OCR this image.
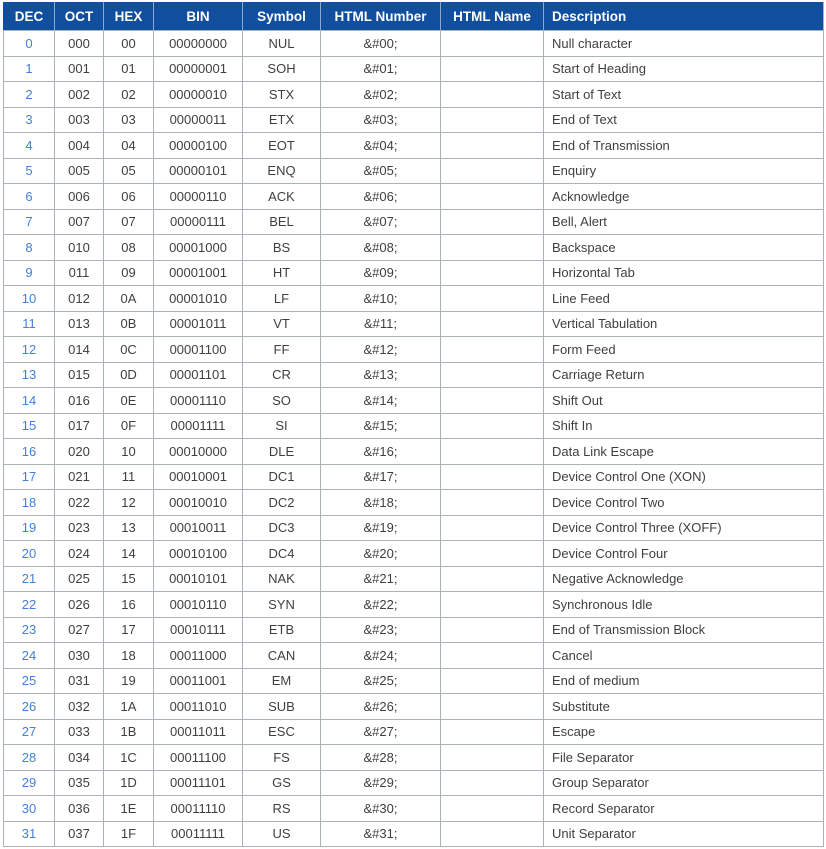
DEC	OCT	HEX	BIN	Symbol	HTML Number	HTML Name	Description
0	000	00	00000000	NUL	&#00;		Null character
1	001	01	00000001	SOH	&#01;		Start of Heading
2	002	02	00000010	STX	&#02;		Start of Text
3	003	03	00000011	ETX	&#03;		End of Text
4	004	04	00000100	EOT	&#04;		End of Transmission
5	005	05	00000101	ENQ	&#05;		Enquiry
6	006	06	00000110	ACK	&#06;		Acknowledge
7	007	07	00000111	BEL	&#07;		Bell, Alert
8	010	08	00001000	BS	&#08;		Backspace
9	011	09	00001001	HT	&#09;		Horizontal Tab
10	012	0A	00001010	LF	&#10;		Line Feed
11	013	0B	00001011	VT	&#11;		Vertical Tabulation
12	014	0C	00001100	FF	&#12;		Form Feed
13	015	0D	00001101	CR	&#13;		Carriage Return
14	016	0E	00001110	SO	&#14;		Shift Out
15	017	0F	00001111	SI	&#15;		Shift In
16	020	10	00010000	DLE	&#16;		Data Link Escape
17	021	11	00010001	DC1	&#17;		Device Control One (XON)
18	022	12	00010010	DC2	&#18;		Device Control Two
19	023	13	00010011	DC3	&#19;		Device Control Three (XOFF)
20	024	14	00010100	DC4	&#20;		Device Control Four
21	025	15	00010101	NAK	&#21;		Negative Acknowledge
22	026	16	00010110	SYN	&#22;		Synchronous Idle
23	027	17	00010111	ETB	&#23;		End of Transmission Block
24	030	18	00011000	CAN	&#24;		Cancel
25	031	19	00011001	EM	&#25;		End of medium
26	032	1A	00011010	SUB	&#26;		Substitute
27	033	1B	00011011	ESC	&#27;		Escape
28	034	1C	00011100	FS	&#28;		File Separator
29	035	1D	00011101	GS	&#29;		Group Separator
30	036	1E	00011110	RS	&#30;		Record Separator
31	037	1F	00011111	US	&#31;		Unit Separator
